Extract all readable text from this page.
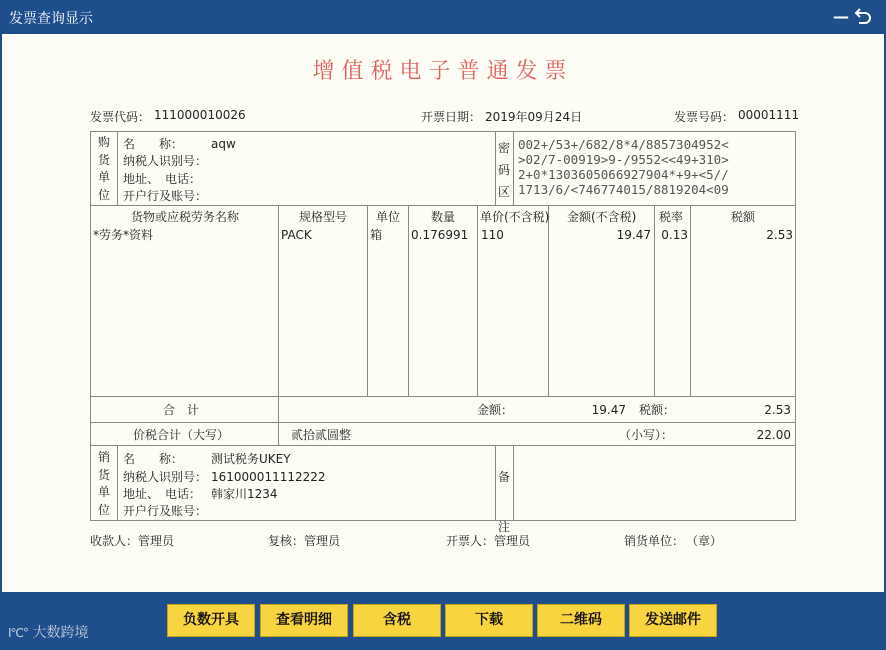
发票查询显示	—
增值税电子普通发票
发票代码： 111000010026	开票日期： 2019年09月24日	发票号码： 00001111
购
货
单
位
名　　称： aqw
纳税人识别号：
地址、　电话：
开户行及账号：
密
码
区
002+/53+/682/8*4/8857304952<
>02/7-00919>9-/9552<<49+310>
2+0*1303605066927904*+9+<5//
1713/6/<746774015/8819204<09
货物或应税劳务名称	规格型号 单位	数量 单价(不含税) 金额(不含税) 税率	税额
*劳务*资料	PACK	箱 0.176991 110	19.47 0.13	2.53
合　计	金额：	19.47 税额：	2.53
价税合计（大写）	贰拾贰圆整	（小写）：	22.00
销
货
单
位
名　　称： 测试税务UKEY
纳税人识别号： 161000011112222
地址、　电话： 韩家川1234
开户行及账号：
备
注
收款人： 管理员	复核： 管理员	开票人： 管理员	销货单位： （章）
Ⅰ℃° 大数跨境
负数开具	查看明细	含税	下载	二维码	发送邮件
